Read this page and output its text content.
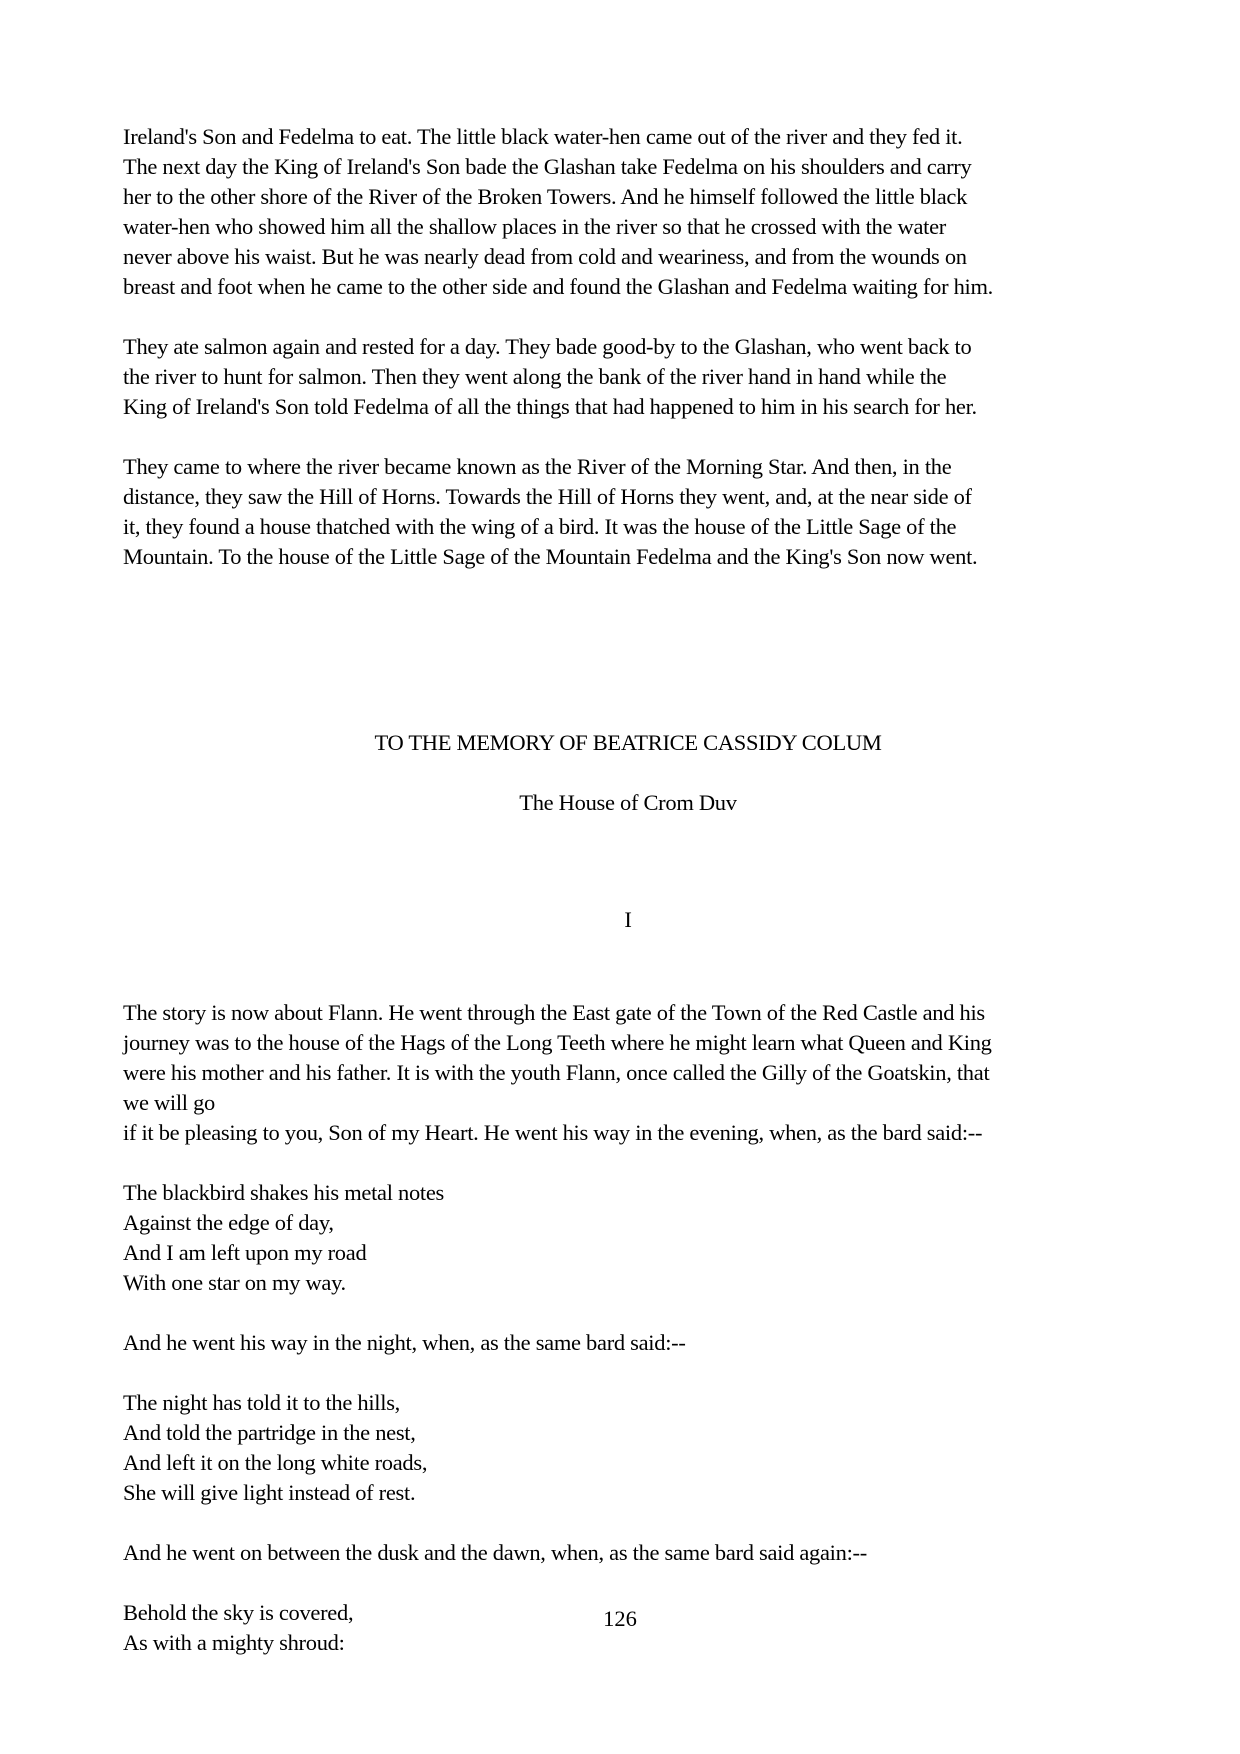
Ireland's Son and Fedelma to eat. The little black water-hen came out of the river and they fed it.
The next day the King of Ireland's Son bade the Glashan take Fedelma on his shoulders and carry
her to the other shore of the River of the Broken Towers. And he himself followed the little black
water-hen who showed him all the shallow places in the river so that he crossed with the water
never above his waist. But he was nearly dead from cold and weariness, and from the wounds on
breast and foot when he came to the other side and found the Glashan and Fedelma waiting for him.

They ate salmon again and rested for a day. They bade good-by to the Glashan, who went back to
the river to hunt for salmon. Then they went along the bank of the river hand in hand while the
King of Ireland's Son told Fedelma of all the things that had happened to him in his search for her.

They came to where the river became known as the River of the Morning Star. And then, in the
distance, they saw the Hill of Horns. Towards the Hill of Horns they went, and, at the near side of
it, they found a house thatched with the wing of a bird. It was the house of the Little Sage of the
Mountain. To the house of the Little Sage of the Mountain Fedelma and the King's Son now went.

TO THE MEMORY OF BEATRICE CASSIDY COLUM

The House of Crom Duv

I

The story is now about Flann. He went through the East gate of the Town of the Red Castle and his
journey was to the house of the Hags of the Long Teeth where he might learn what Queen and King
were his mother and his father. It is with the youth Flann, once called the Gilly of the Goatskin, that
we will go
if it be pleasing to you, Son of my Heart. He went his way in the evening, when, as the bard said:--

The blackbird shakes his metal notes
Against the edge of day,
And I am left upon my road
With one star on my way.

And he went his way in the night, when, as the same bard said:--

The night has told it to the hills,
And told the partridge in the nest,
And left it on the long white roads,
She will give light instead of rest.

And he went on between the dusk and the dawn, when, as the same bard said again:--

Behold the sky is covered,
As with a mighty shroud:

126
